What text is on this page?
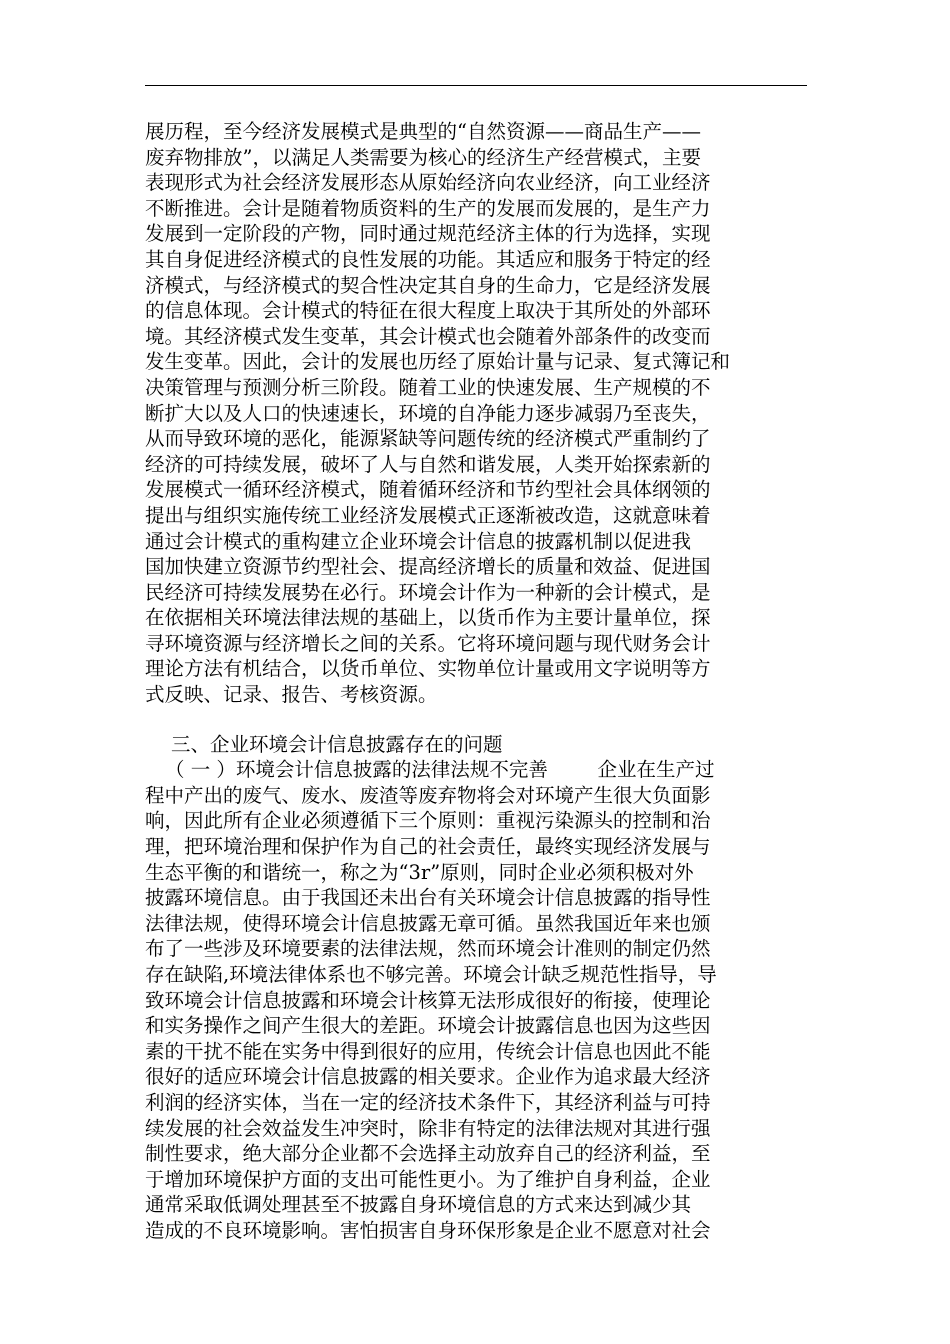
展历程，至今经济发展模式是典型的“自然资源——商品生产——
废弃物排放”，以满足人类需要为核心的经济生产经营模式，主要
表现形式为社会经济发展形态从原始经济向农业经济，向工业经济
不断推进。会计是随着物质资料的生产的发展而发展的，是生产力
发展到一定阶段的产物，同时通过规范经济主体的行为选择，实现
其自身促进经济模式的良性发展的功能。其适应和服务于特定的经
济模式，与经济模式的契合性决定其自身的生命力，它是经济发展
的信息体现。会计模式的特征在很大程度上取决于其所处的外部环
境。其经济模式发生变革，其会计模式也会随着外部条件的改变而
发生变革。因此，会计的发展也历经了原始计量与记录、复式簿记和
决策管理与预测分析三阶段。随着工业的快速发展、生产规模的不
断扩大以及人口的快速速长，环境的自净能力逐步减弱乃至丧失，
从而导致环境的恶化，能源紧缺等问题传统的经济模式严重制约了
经济的可持续发展，破坏了人与自然和谐发展，人类开始探索新的
发展模式一循环经济模式，随着循环经济和节约型社会具体纲领的
提出与组织实施传统工业经济发展模式正逐渐被改造，这就意味着
通过会计模式的重构建立企业环境会计信息的披露机制以促进我
国加快建立资源节约型社会、提高经济增长的质量和效益、促进国
民经济可持续发展势在必行。环境会计作为一种新的会计模式，是
在依据相关环境法律法规的基础上，以货币作为主要计量单位，探
寻环境资源与经济增长之间的关系。它将环境问题与现代财务会计
理论方法有机结合，以货币单位、实物单位计量或用文字说明等方
式反映、记录、报告、考核资源。
三、企业环境会计信息披露存在的问题
（ 一 ）环境会计信息披露的法律法规不完善        企业在生产过
程中产出的废气、废水、废渣等废弃物将会对环境产生很大负面影
响，因此所有企业必须遵循下三个原则：重视污染源头的控制和治
理，把环境治理和保护作为自己的社会责任，最终实现经济发展与
生态平衡的和谐统一，称之为“3r”原则，同时企业必须积极对外
披露环境信息。由于我国还未出台有关环境会计信息披露的指导性
法律法规，使得环境会计信息披露无章可循。虽然我国近年来也颁
布了一些涉及环境要素的法律法规，然而环境会计准则的制定仍然
存在缺陷,环境法律体系也不够完善。环境会计缺乏规范性指导，导
致环境会计信息披露和环境会计核算无法形成很好的衔接，使理论
和实务操作之间产生很大的差距。环境会计披露信息也因为这些因
素的干扰不能在实务中得到很好的应用，传统会计信息也因此不能
很好的适应环境会计信息披露的相关要求。企业作为追求最大经济
利润的经济实体，当在一定的经济技术条件下，其经济利益与可持
续发展的社会效益发生冲突时，除非有特定的法律法规对其进行强
制性要求，绝大部分企业都不会选择主动放弃自己的经济利益，至
于增加环境保护方面的支出可能性更小。为了维护自身利益，企业
通常采取低调处理甚至不披露自身环境信息的方式来达到减少其
造成的不良环境影响。害怕损害自身环保形象是企业不愿意对社会
